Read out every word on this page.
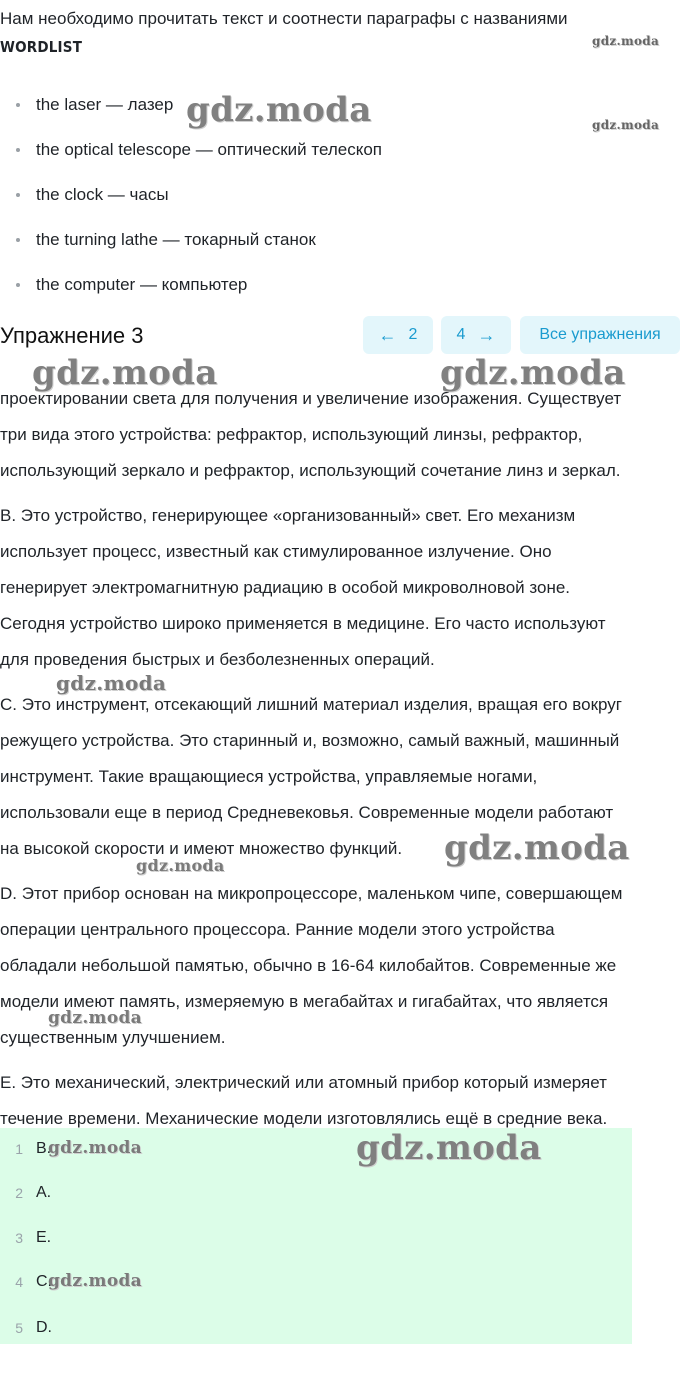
Нам необходимо прочитать текст и соотнести параграфы с названиями
WORDLIST
the laser — лазер
the optical telescope — оптический телескоп
the clock — часы
the turning lathe — токарный станок
the computer — компьютер
Упражнение 3	← 2 4 →	Все упражнения
проектировании света для получения и увеличение изображения. Существует
три вида этого устройства: рефрактор, использующий линзы, рефрактор,
использующий зеркало и рефрактор, использующий сочетание линз и зеркал.
B. Это устройство, генерирующее «организованный» свет. Его механизм
использует процесс, известный как стимулированное излучение. Оно
генерирует электромагнитную радиацию в особой микроволновой зоне.
Сегодня устройство широко применяется в медицине. Его часто используют
для проведения быстрых и безболезненных операций.
C. Это инструмент, отсекающий лишний материал изделия, вращая его вокруг
режущего устройства. Это старинный и, возможно, самый важный, машинный
инструмент. Такие вращающиеся устройства, управляемые ногами,
использовали еще в период Средневековья. Современные модели работают
на высокой скорости и имеют множество функций.
D. Этот прибор основан на микропроцессоре, маленьком чипе, совершающем
операции центрального процессора. Ранние модели этого устройства
обладали небольшой памятью, обычно в 16-64 килобайтов. Современные же
модели имеют память, измеряемую в мегабайтах и гигабайтах, что является
существенным улучшением.
E. Это механический, электрический или атомный прибор который измеряет
течение времени. Механические модели изготовлялись ещё в средние века.
1 B.
2 A.
3 E.
4 C.
5 D.
gdz.moda
gdz.moda	gdz.moda
gdz.moda	gdz.moda
gdz.moda
gdz.moda
gdz.moda
gdz.moda
gdz.moda	gdz.moda
gdz.moda
